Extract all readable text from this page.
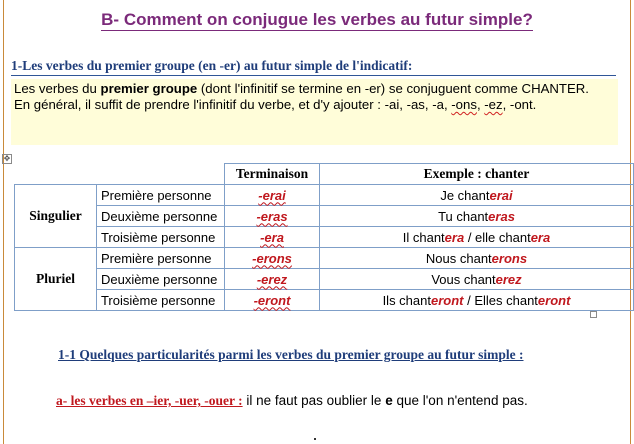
B- Comment on conjugue les verbes au futur simple?
1-Les verbes du premier groupe (en -er) au futur simple de l'indicatif:
Les verbes du premier groupe (dont l'infinitif se termine en -er) se conjuguent comme CHANTER.
En général, il suffit de prendre l'infinitif du verbe, et d'y ajouter : -ai, -as, -a, -ons, -ez, -ont.
✥
		Terminaison	Exemple : chanter
Singulier	Première personne	-erai	Je chanterai
	Deuxième personne	-eras	Tu chanteras
	Troisième personne	-era	Il chantera / elle chantera
Pluriel	Première personne	-erons	Nous chanterons
	Deuxième personne	-erez	Vous chanterez
	Troisième personne	-eront	Ils chanteront / Elles chanteront
1-1 Quelques particularités parmi les verbes du premier groupe au futur simple :
a- les verbes en –ier, -uer, -ouer : il ne faut pas oublier le e que l'on n'entend pas.
